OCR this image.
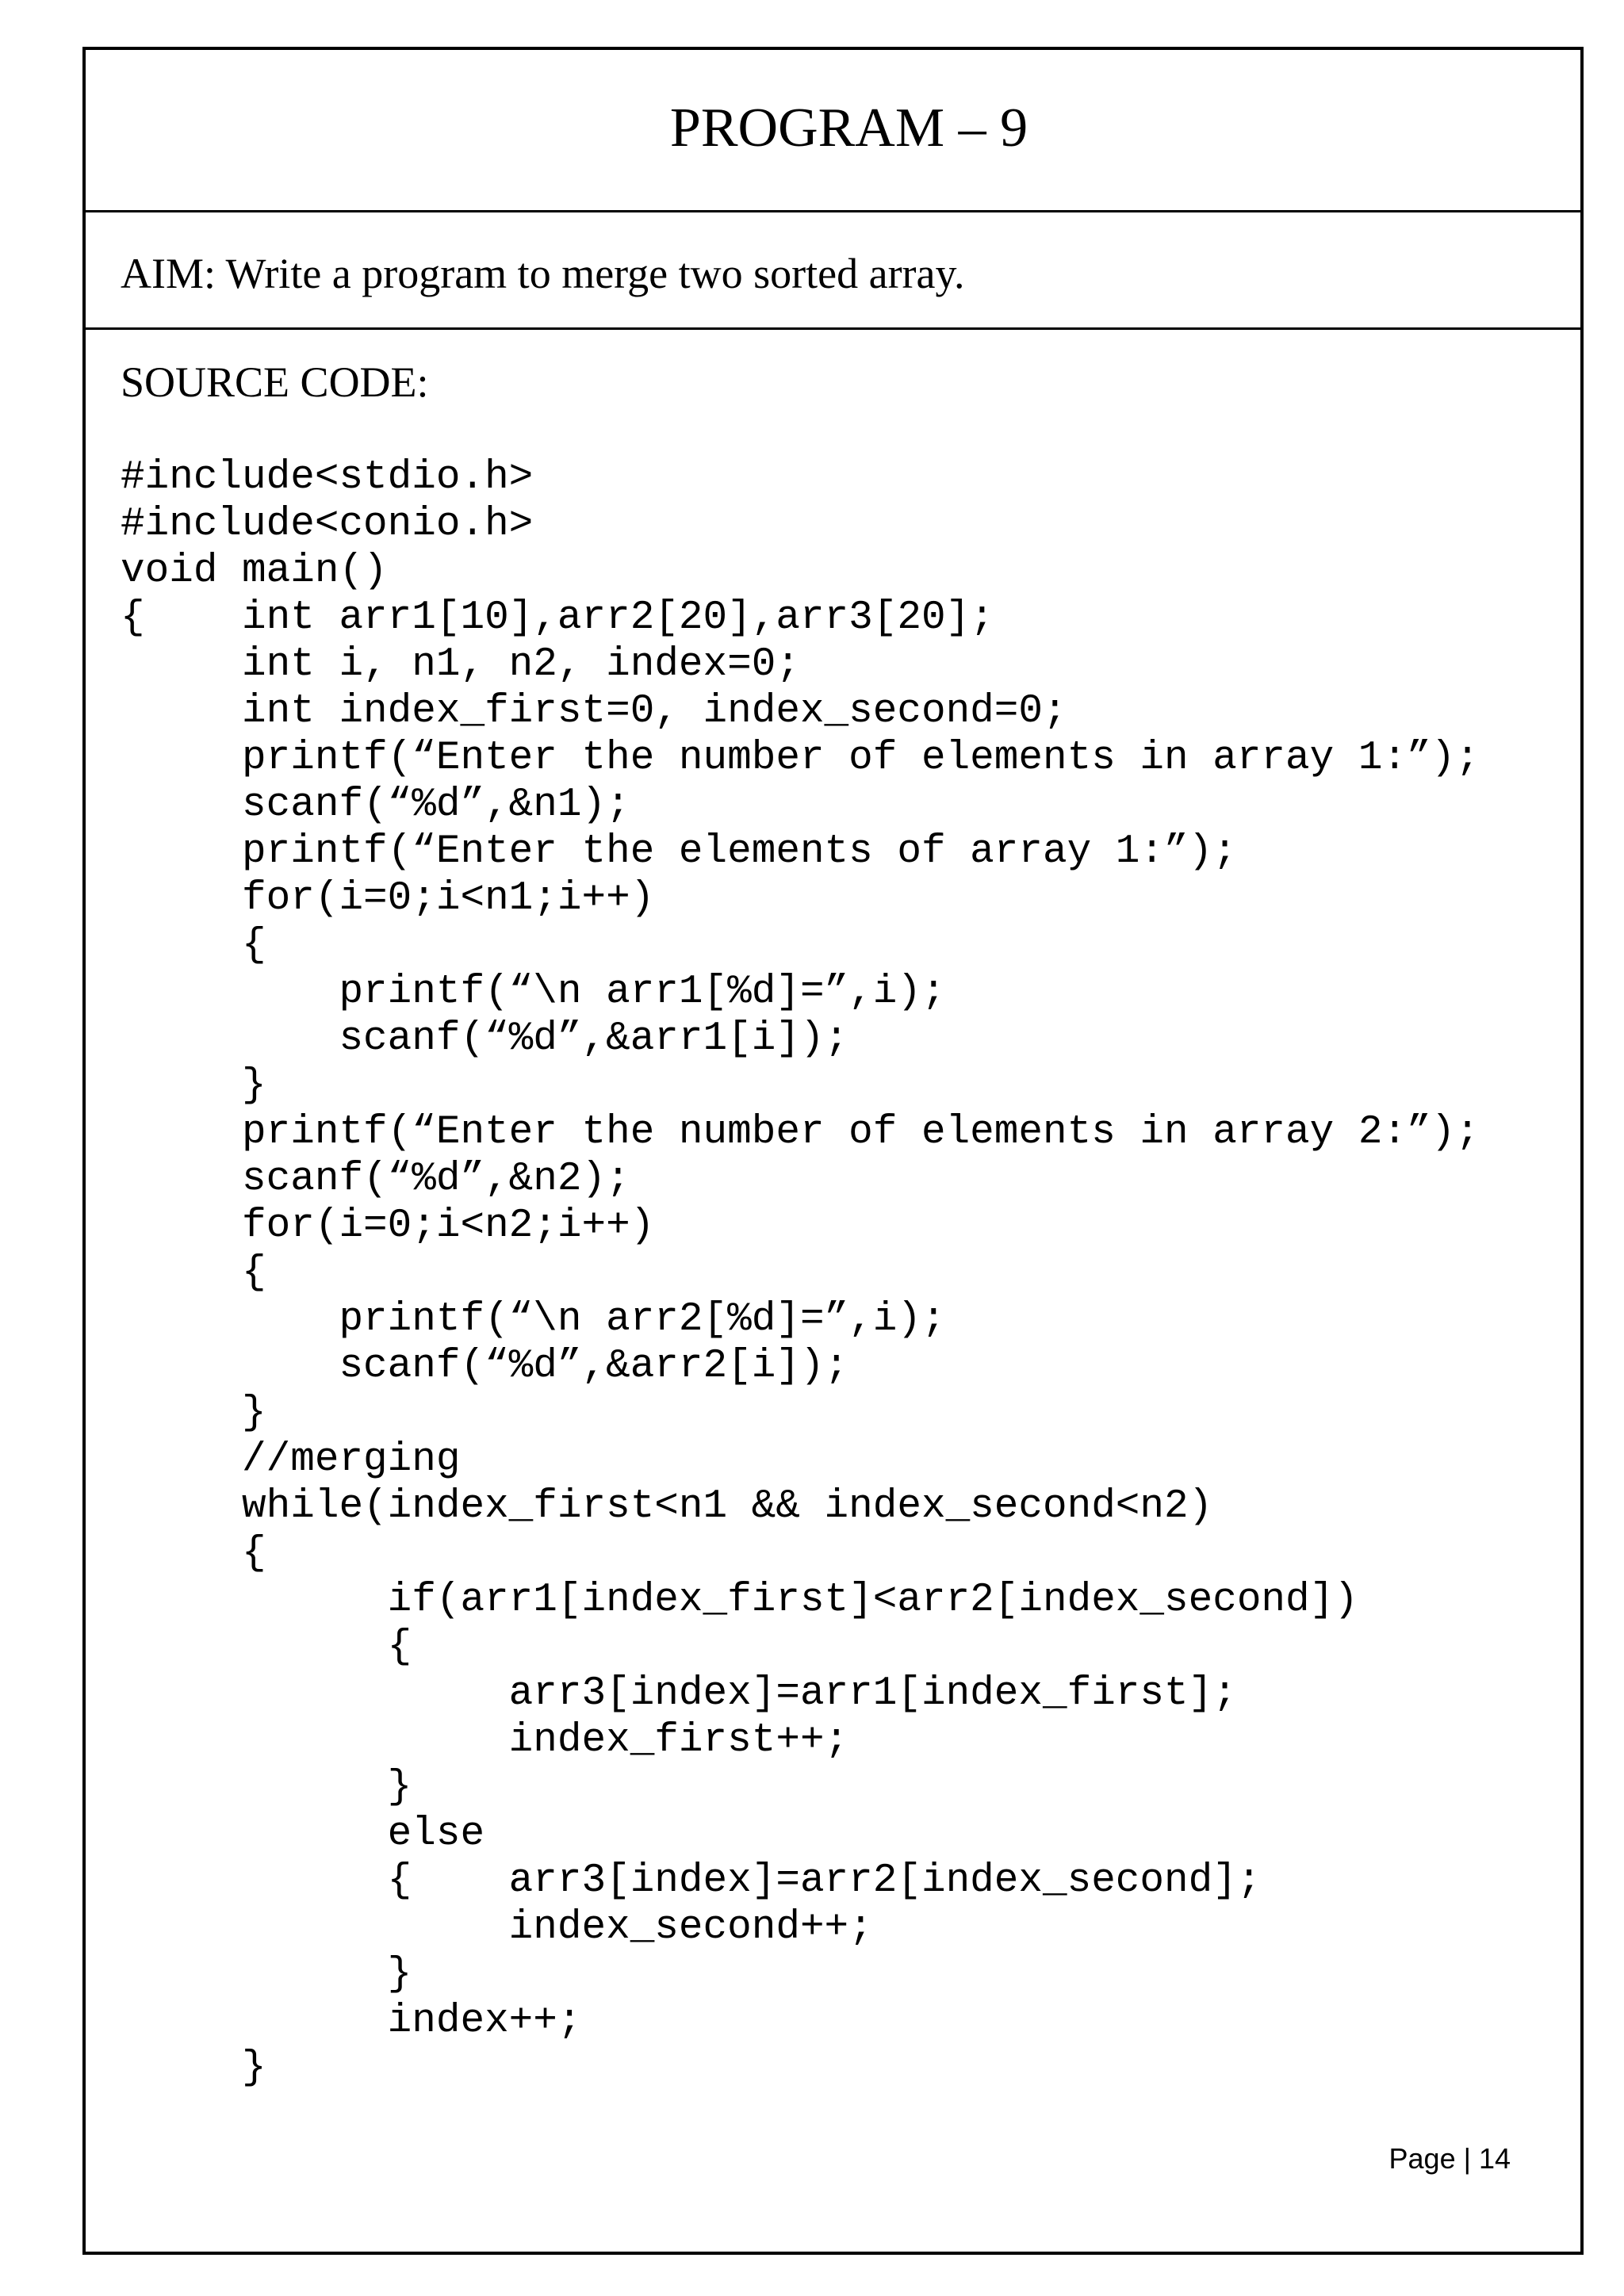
PROGRAM – 9
AIM: Write a program to merge two sorted array.
SOURCE CODE:
#include<stdio.h>
#include<conio.h>
void main()
{    int arr1[10],arr2[20],arr3[20];
int i, n1, n2, index=0;
int index_first=0, index_second=0;
printf(“Enter the number of elements in array 1:”);
scanf(“%d”,&n1);
printf(“Enter the elements of array 1:”);
for(i=0;i<n1;i++)
{
printf(“\n arr1[%d]=”,i);
scanf(“%d”,&arr1[i]);
}
printf(“Enter the number of elements in array 2:”);
scanf(“%d”,&n2);
for(i=0;i<n2;i++)
{
printf(“\n arr2[%d]=”,i);
scanf(“%d”,&arr2[i]);
}
//merging
while(index_first<n1 && index_second<n2)
{
if(arr1[index_first]<arr2[index_second])
{
arr3[index]=arr1[index_first];
index_first++;
}
else
{    arr3[index]=arr2[index_second];
index_second++;
}
index++;
}
Page | 14
